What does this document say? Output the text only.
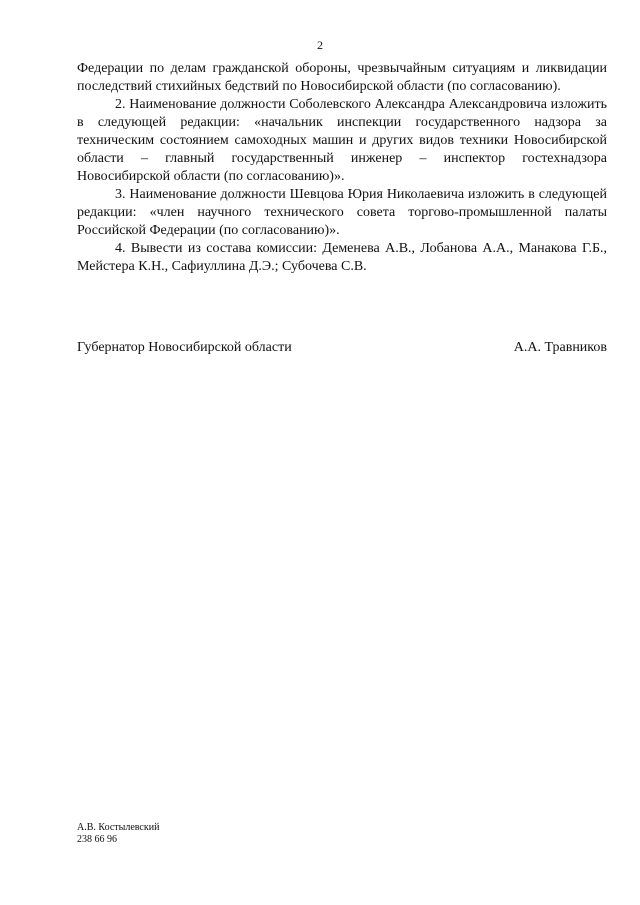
2

Федерации по делам гражданской обороны, чрезвычайным ситуациям и ликвидации последствий стихийных бедствий по Новосибирской области (по согласованию).

2. Наименование должности Соболевского Александра Александровича изложить в следующей редакции: «начальник инспекции государственного надзора за техническим состоянием самоходных машин и других видов техники Новосибирской области – главный государственный инженер – инспектор гостехнадзора Новосибирской области (по согласованию)».

3. Наименование должности Шевцова Юрия Николаевича изложить в следующей редакции: «член научного технического совета торгово-промышленной палаты Российской Федерации (по согласованию)».

4. Вывести из состава комиссии: Деменева А.В., Лобанова А.А., Манакова Г.Б., Мейстера К.Н., Сафиуллина Д.Э.; Субочева С.В.

Губернатор Новосибирской области	А.А. Травников
А.В. Костылевский
238 66 96
